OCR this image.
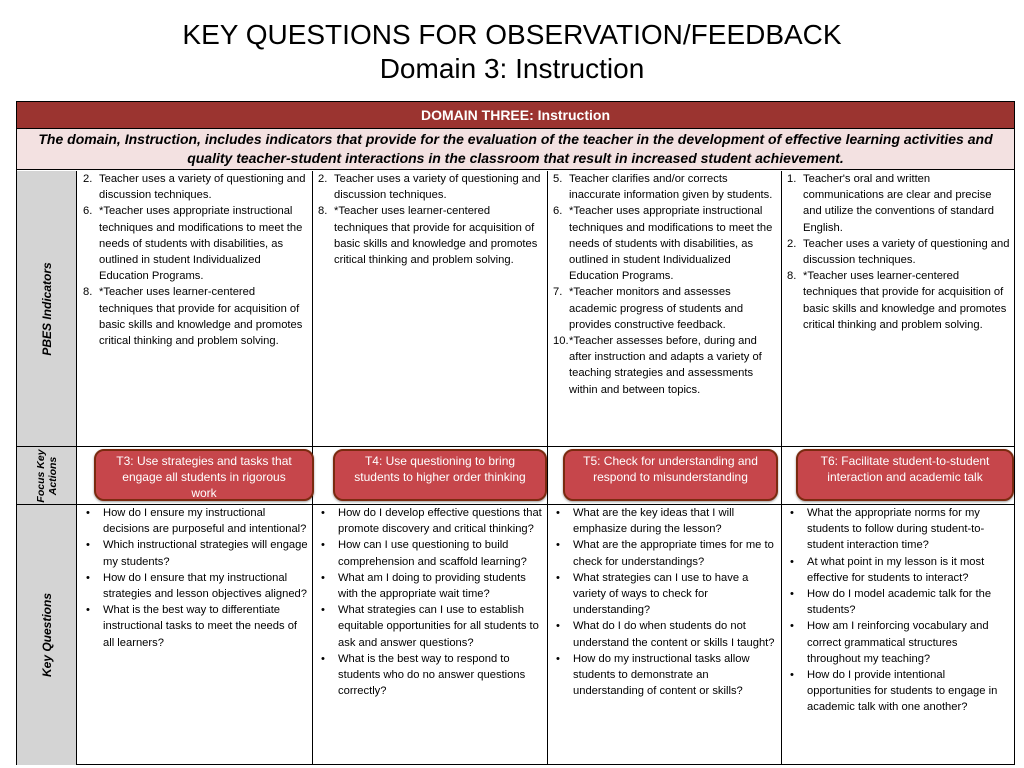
KEY QUESTIONS FOR OBSERVATION/FEEDBACK
Domain 3: Instruction
DOMAIN THREE: Instruction
The domain, Instruction, includes indicators that provide for the evaluation of the teacher in the development of effective learning activities and quality teacher-student interactions in the classroom that result in increased student achievement.
PBES Indicators
Focus Key Actions
Key Questions
2. Teacher uses a variety of questioning and discussion techniques.
6. *Teacher uses appropriate instructional techniques and modifications to meet the needs of students with disabilities, as outlined in student Individualized Education Programs.
8. *Teacher uses learner-centered techniques that provide for acquisition of basic skills and knowledge and promotes critical thinking and problem solving.
• How do I ensure my instructional decisions are purposeful and intentional?
• Which instructional strategies will engage my students?
• How do I ensure that my instructional strategies and lesson objectives aligned?
• What is the best way to differentiate instructional tasks to meet the needs of all learners?
2. Teacher uses a variety of questioning and discussion techniques.
8. *Teacher uses learner-centered techniques that provide for acquisition of basic skills and knowledge and promotes critical thinking and problem solving.
• How do I develop effective questions that promote discovery and critical thinking?
• How can I use questioning to build comprehension and scaffold learning?
• What am I doing to providing students with the appropriate wait time?
• What strategies can I use to establish equitable opportunities for all students to ask and answer questions?
• What is the best way to respond to students who do no answer questions correctly?
5. Teacher clarifies and/or corrects inaccurate information given by students.
6. *Teacher uses appropriate instructional techniques and modifications to meet the needs of students with disabilities, as outlined in student Individualized Education Programs.
7. *Teacher monitors and assesses academic progress of students and provides constructive feedback.
10. *Teacher assesses before, during and after instruction and adapts a variety of teaching strategies and assessments within and between topics.
• What are the key ideas that I will emphasize during the lesson?
• What are the appropriate times for me to check for understandings?
• What strategies can I use to have a variety of ways to check for understanding?
• What do I do when students do not understand the content or skills I taught?
• How do my instructional tasks allow students to demonstrate an understanding of content or skills?
1. Teacher's oral and written communications are clear and precise and utilize the conventions of standard English.
2. Teacher uses a variety of questioning and discussion techniques.
8. *Teacher uses learner-centered techniques that provide for acquisition of basic skills and knowledge and promotes critical thinking and problem solving.
• What the appropriate norms for my students to follow during student-to-student interaction time?
• At what point in my lesson is it most effective for students to interact?
• How do I model academic talk for the students?
• How am I reinforcing vocabulary and correct grammatical structures throughout my teaching?
• How do I provide intentional opportunities for students to engage in academic talk with one another?
T3: Use strategies and tasks that engage all students in rigorous work
T4: Use questioning to bring students to higher order thinking
T5: Check for understanding and respond to misunderstanding
T6: Facilitate student-to-student interaction and academic talk
